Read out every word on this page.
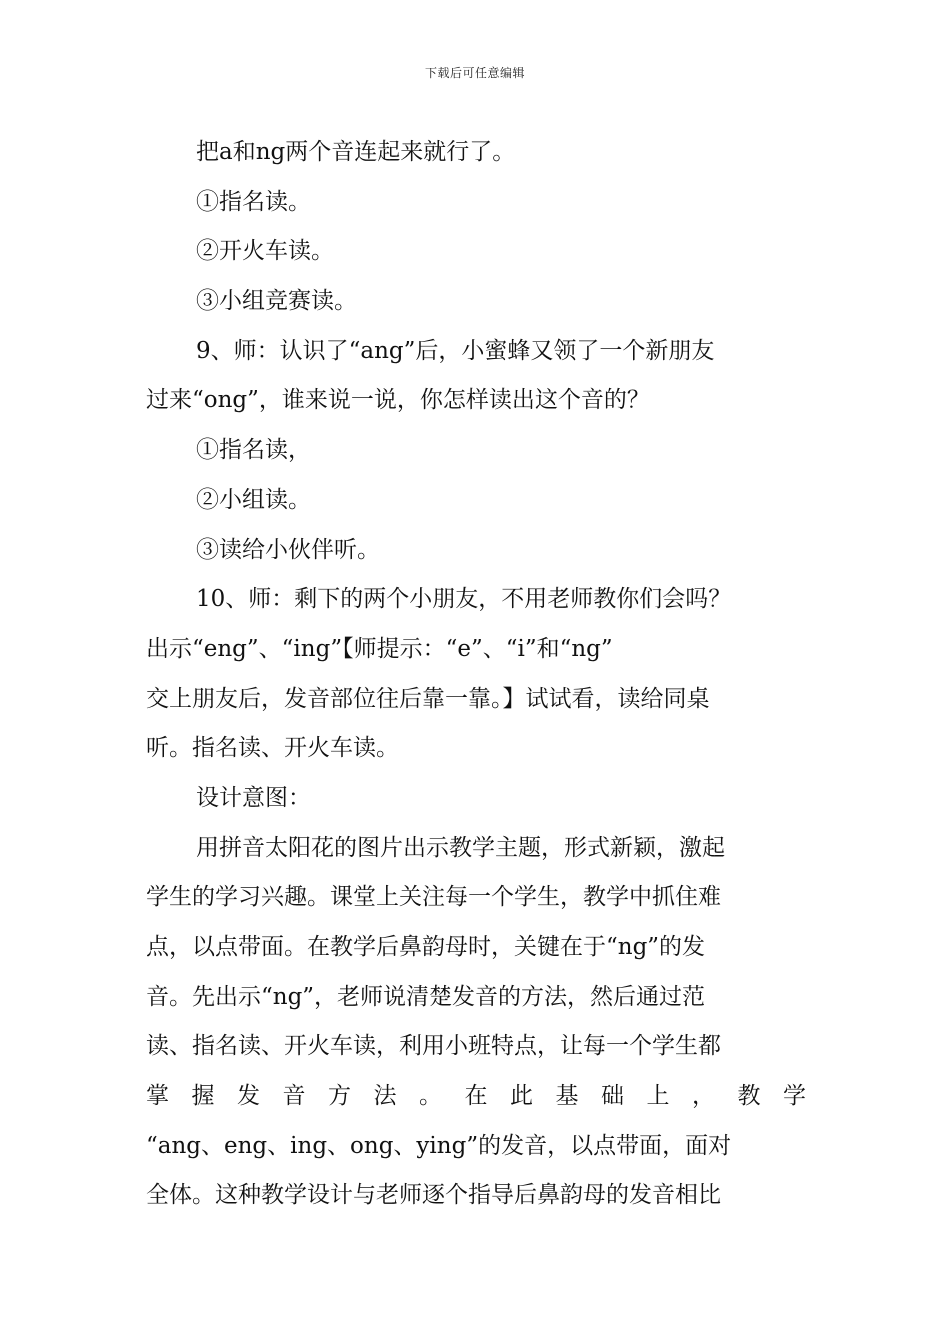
下载后可任意编辑
把a和ng两个音连起来就行了。
①指名读。
②开火车读。
③小组竞赛读。
9、师：认识了“ang”后，小蜜蜂又领了一个新朋友
过来“ong”，谁来说一说，你怎样读出这个音的？
①指名读，
②小组读。
③读给小伙伴听。
10、师：剩下的两个小朋友，不用老师教你们会吗？
出示“eng”、“ing”【师提示：“e”、“i”和“ng”
交上朋友后，发音部位往后靠一靠。】试试看，读给同桌
听。指名读、开火车读。
设计意图：
用拼音太阳花的图片出示教学主题，形式新颖，激起
学生的学习兴趣。课堂上关注每一个学生，教学中抓住难
点，以点带面。在教学后鼻韵母时，关键在于“ng”的发
音。先出示“ng”，老师说清楚发音的方法，然后通过范
读、指名读、开火车读，利用小班特点，让每一个学生都
掌 握 发 音 方 法 。 在 此 基 础 上 ， 教 学
“ang、eng、ing、ong、ying”的发音，以点带面，面对
全体。这种教学设计与老师逐个指导后鼻韵母的发音相比
